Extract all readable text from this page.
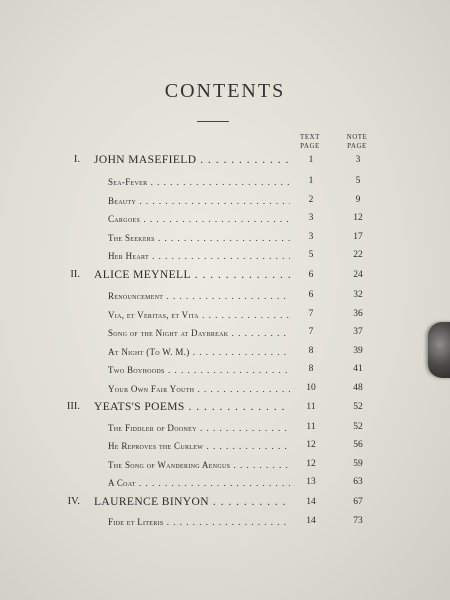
CONTENTS
TEXT
PAGE
NOTE
PAGE
I. JOHN MASEFIELD . . .	1	3
Sea-Fever . . .	1	5
Beauty . . .	2	9
Cargoes . . .	3	12
The Seekers . . .	3	17
Her Heart . . .	5	22
II. ALICE MEYNELL . . .	6	24
Renouncement . . .	6	32
Via, et Veritas, et Vita . . .	7	36
Song of the Night at Daybreak . . .	7	37
At Night (To W. M.) . . .	8	39
Two Boyhoods . . .	8	41
Your Own Fair Youth . . .	10	48
III. YEATS'S POEMS . . .	11	52
The Fiddler of Dooney . . .	11	52
He Reproves the Curlew . . .	12	56
The Song of Wandering Aengus . . .	12	59
A Coat . . .	13	63
IV. LAURENCE BINYON . . .	14	67
Fide et Literis . . .	14	73
